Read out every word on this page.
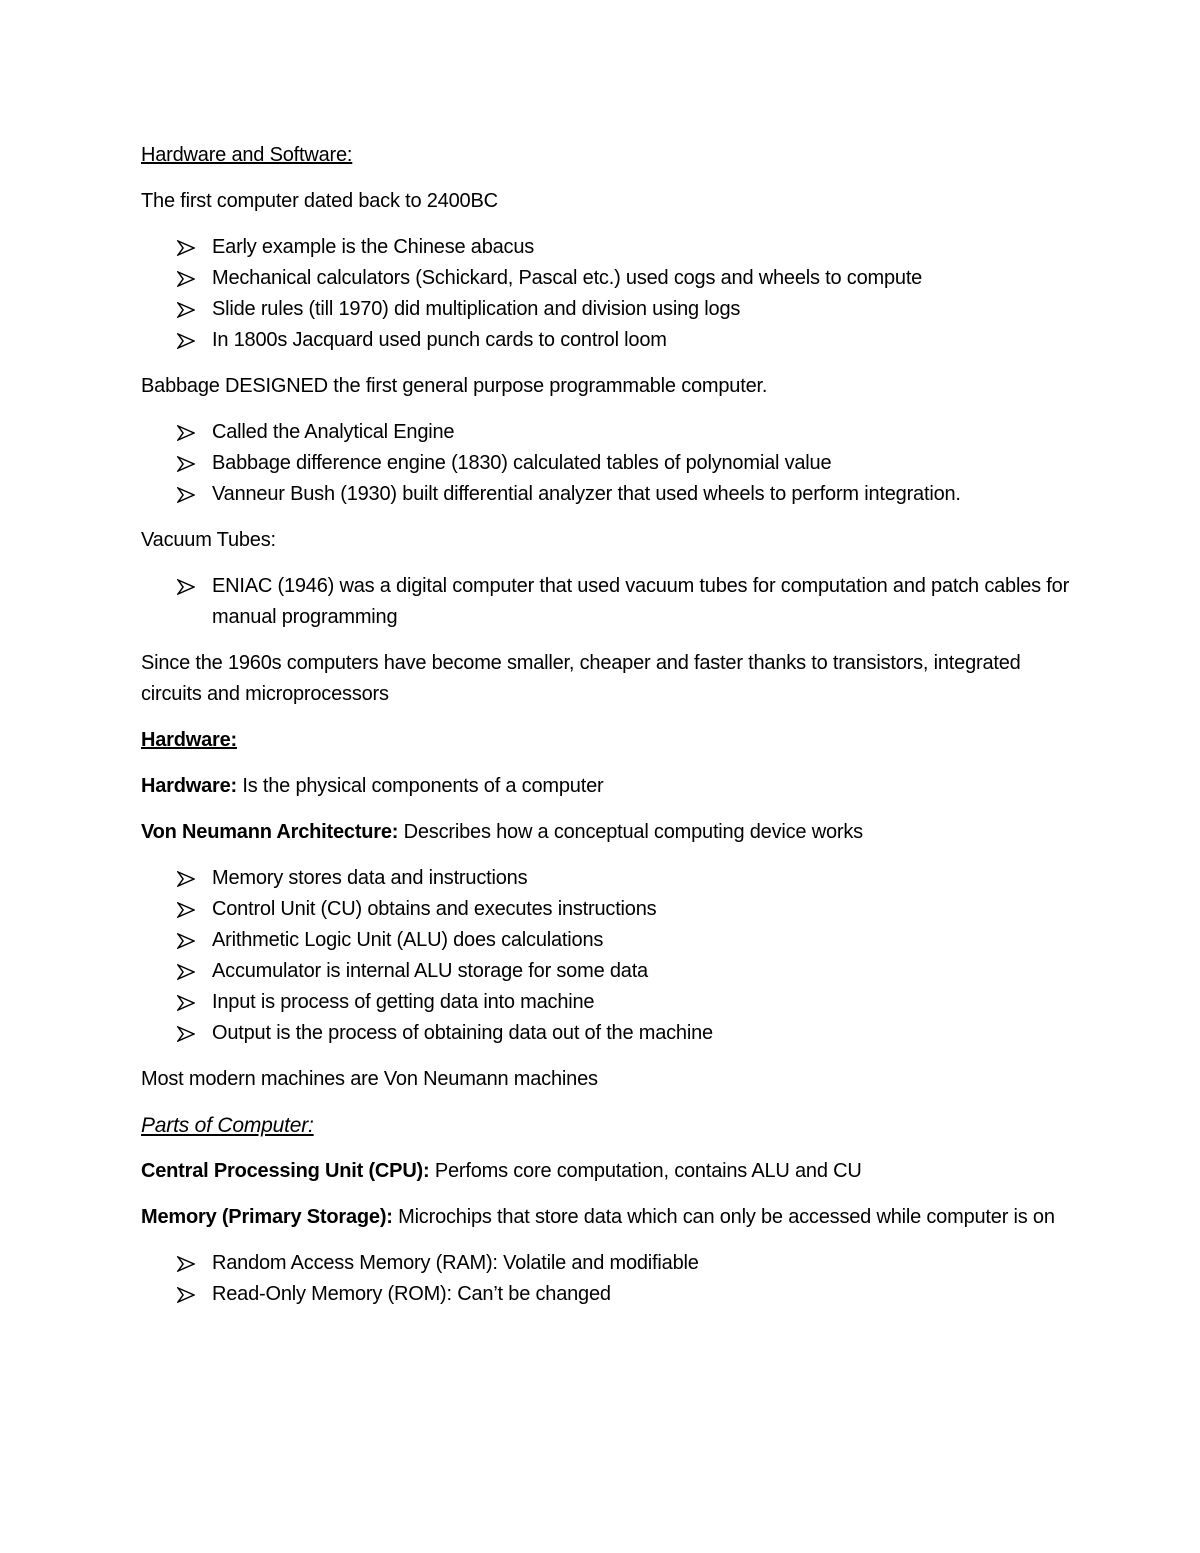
Hardware and Software:

The first computer dated back to 2400BC

Early example is the Chinese abacus
Mechanical calculators (Schickard, Pascal etc.) used cogs and wheels to compute
Slide rules (till 1970) did multiplication and division using logs
In 1800s Jacquard used punch cards to control loom

Babbage DESIGNED the first general purpose programmable computer.

Called the Analytical Engine
Babbage difference engine (1830) calculated tables of polynomial value
Vanneur Bush (1930) built differential analyzer that used wheels to perform integration.

Vacuum Tubes:

ENIAC (1946) was a digital computer that used vacuum tubes for computation and patch cables for manual programming

Since the 1960s computers have become smaller, cheaper and faster thanks to transistors, integrated circuits and microprocessors

Hardware:

Hardware: Is the physical components of a computer

Von Neumann Architecture: Describes how a conceptual computing device works

Memory stores data and instructions
Control Unit (CU) obtains and executes instructions
Arithmetic Logic Unit (ALU) does calculations
Accumulator is internal ALU storage for some data
Input is process of getting data into machine
Output is the process of obtaining data out of the machine

Most modern machines are Von Neumann machines

Parts of Computer:

Central Processing Unit (CPU): Perfoms core computation, contains ALU and CU

Memory (Primary Storage): Microchips that store data which can only be accessed while computer is on

Random Access Memory (RAM): Volatile and modifiable
Read-Only Memory (ROM): Can’t be changed
